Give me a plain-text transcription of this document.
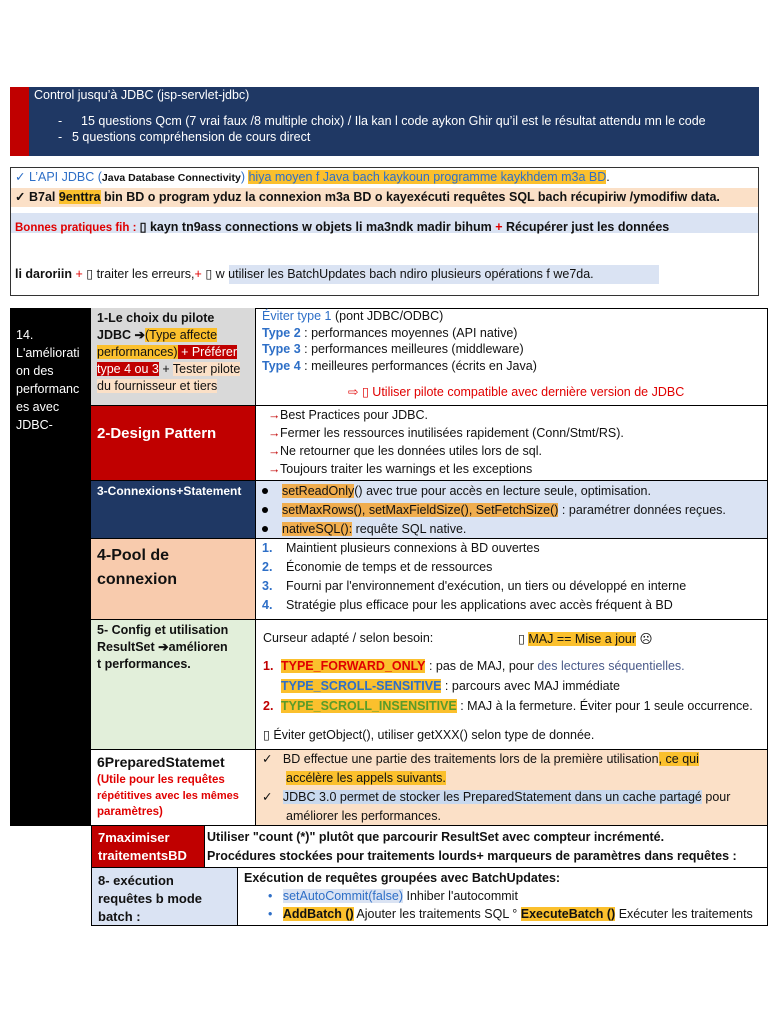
Control jusqu’à JDBC (jsp-servlet-jdbc)
- 15 questions Qcm (7 vrai faux /8 multiple choix) / Ila kan l code aykon Ghir qu’il est le résultat attendu mn le code
- 5 questions compréhension de cours direct
✓ L’API JDBC (Java Database Connectivity) hiya moyen f Java bach kaykoun programme kaykhdem m3a BD.
✓ B7al 9enttra bin BD o program yduz la connexion m3a BD o kayexécuti requêtes SQL bach récupiriw /ymodifiw data.
Bonnes pratiques fih : ▯ kayn tn9ass connections w objets li ma3ndk madir bihum + Récupérer just les données
li daroriin + ▯ traiter les erreurs,+ ▯ w utiliser les BatchUpdates bach ndiro plusieurs opérations f we7da.
14.
L'améliorati
on des
performanc
es avec
JDBC-
1-Le choix du pilote
JDBC ➔(Type affecte
performances) + Préférer
type 4 ou 3 + Tester pilote
du fournisseur et tiers
Éviter type 1 (pont JDBC/ODBC)
Type 2 : performances moyennes (API native)
Type 3 : performances meilleures (middleware)
Type 4 : meilleures performances (écrits en Java)
⇨ ▯ Utiliser pilote compatible avec dernière version de JDBC
2-Design Pattern
→Best Practices pour JDBC.
→Fermer les ressources inutilisées rapidement (Conn/Stmt/RS).
→Ne retourner que les données utiles lors de sql.
→Toujours traiter les warnings et les exceptions
3-Connexions+Statement	setReadOnly() avec true pour accès en lecture seule, optimisation.
setMaxRows(), setMaxFieldSize(), SetFetchSize() : paramétrer données reçues.
nativeSQL(): requête SQL native.
4-Pool de
connexion
1. Maintient plusieurs connexions à BD ouvertes
2. Économie de temps et de ressources
3. Fourni par l'environnement d'exécution, un tiers ou développé en interne
4. Stratégie plus efficace pour les applications avec accès fréquent à BD
5- Config et utilisation
ResultSet ➔amélioren
t performances.
Curseur adapté / selon besoin:	▯ MAJ == Mise a jour ☹
1. TYPE_FORWARD_ONLY : pas de MAJ, pour des lectures séquentielles.
TYPE_SCROLL-SENSITIVE : parcours avec MAJ immédiate
2. TYPE_SCROLL_INSENSITIVE : MAJ à la fermeture. Éviter pour 1 seule occurrence.
▯ Éviter getObject(), utiliser getXXX() selon type de donnée.
6PreparedStatemet
(Utile pour les requêtes
répétitives avec les mêmes
paramètres)
✓ BD effectue une partie des traitements lors de la première utilisation, ce qui
accélère les appels suivants.
✓ JDBC 3.0 permet de stocker les PreparedStatement dans un cache partagé pour
améliorer les performances.
7maximiser
traitementsBD
Utiliser "count (*)" plutôt que parcourir ResultSet avec compteur incrémenté.
Procédures stockées pour traitements lourds+ marqueurs de paramètres dans requêtes :
8- exécution
requêtes b mode
batch :
Exécution de requêtes groupées avec BatchUpdates:
• setAutoCommit(false) Inhiber l'autocommit
• AddBatch () Ajouter les traitements SQL ° ExecuteBatch () Exécuter les traitements
